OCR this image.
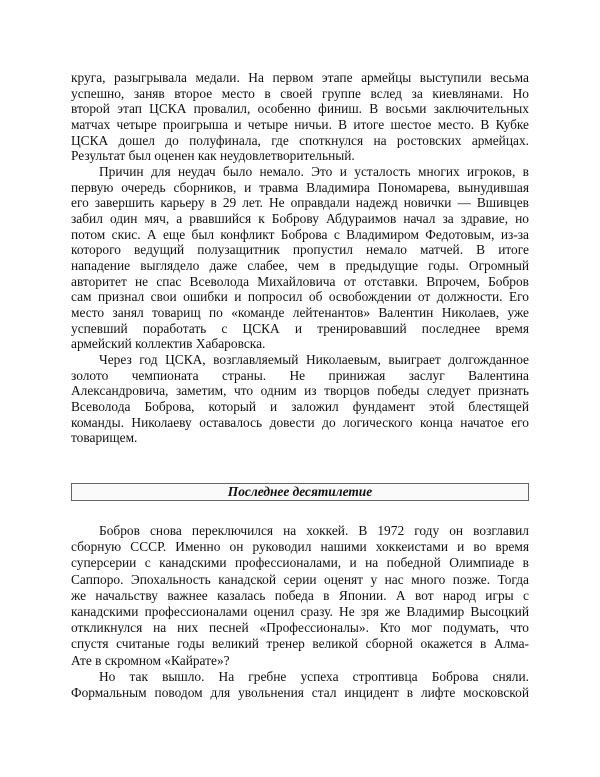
круга, разыгрывала медали. На первом этапе армейцы выступили весьма
успешно, заняв второе место в своей группе вслед за киевлянами. Но
второй этап ЦСКА провалил, особенно финиш. В восьми заключительных
матчах четыре проигрыша и четыре ничьи. В итоге шестое место. В Кубке
ЦСКА дошел до полуфинала, где споткнулся на ростовских армейцах.
Результат был оценен как неудовлетворительный.
Причин для неудач было немало. Это и усталость многих игроков, в
первую очередь сборников, и травма Владимира Пономарева, вынудившая
его завершить карьеру в 29 лет. Не оправдали надежд новички — Вшивцев
забил один мяч, а рвавшийся к Боброву Абдураимов начал за здравие, но
потом скис. А еще был конфликт Боброва с Владимиром Федотовым, из-за
которого ведущий полузащитник пропустил немало матчей. В итоге
нападение выглядело даже слабее, чем в предыдущие годы. Огромный
авторитет не спас Всеволода Михайловича от отставки. Впрочем, Бобров
сам признал свои ошибки и попросил об освобождении от должности. Его
место занял товарищ по «команде лейтенантов» Валентин Николаев, уже
успевший поработать с ЦСКА и тренировавший последнее время
армейский коллектив Хабаровска.
Через год ЦСКА, возглавляемый Николаевым, выиграет долгожданное
золото чемпионата страны. Не принижая заслуг Валентина
Александровича, заметим, что одним из творцов победы следует признать
Всеволода Боброва, который и заложил фундамент этой блестящей
команды. Николаеву оставалось довести до логического конца начатое его
товарищем.
Последнее десятилетие
Бобров снова переключился на хоккей. В 1972 году он возглавил
сборную СССР. Именно он руководил нашими хоккеистами и во время
суперсерии с канадскими профессионалами, и на победной Олимпиаде в
Саппоро. Эпохальность канадской серии оценят у нас много позже. Тогда
же начальству важнее казалась победа в Японии. А вот народ игры с
канадскими профессионалами оценил сразу. Не зря же Владимир Высоцкий
откликнулся на них песней «Профессионалы». Кто мог подумать, что
спустя считаные годы великий тренер великой сборной окажется в Алма-
Ате в скромном «Кайрате»?
Но так вышло. На гребне успеха строптивца Боброва сняли.
Формальным поводом для увольнения стал инцидент в лифте московской
